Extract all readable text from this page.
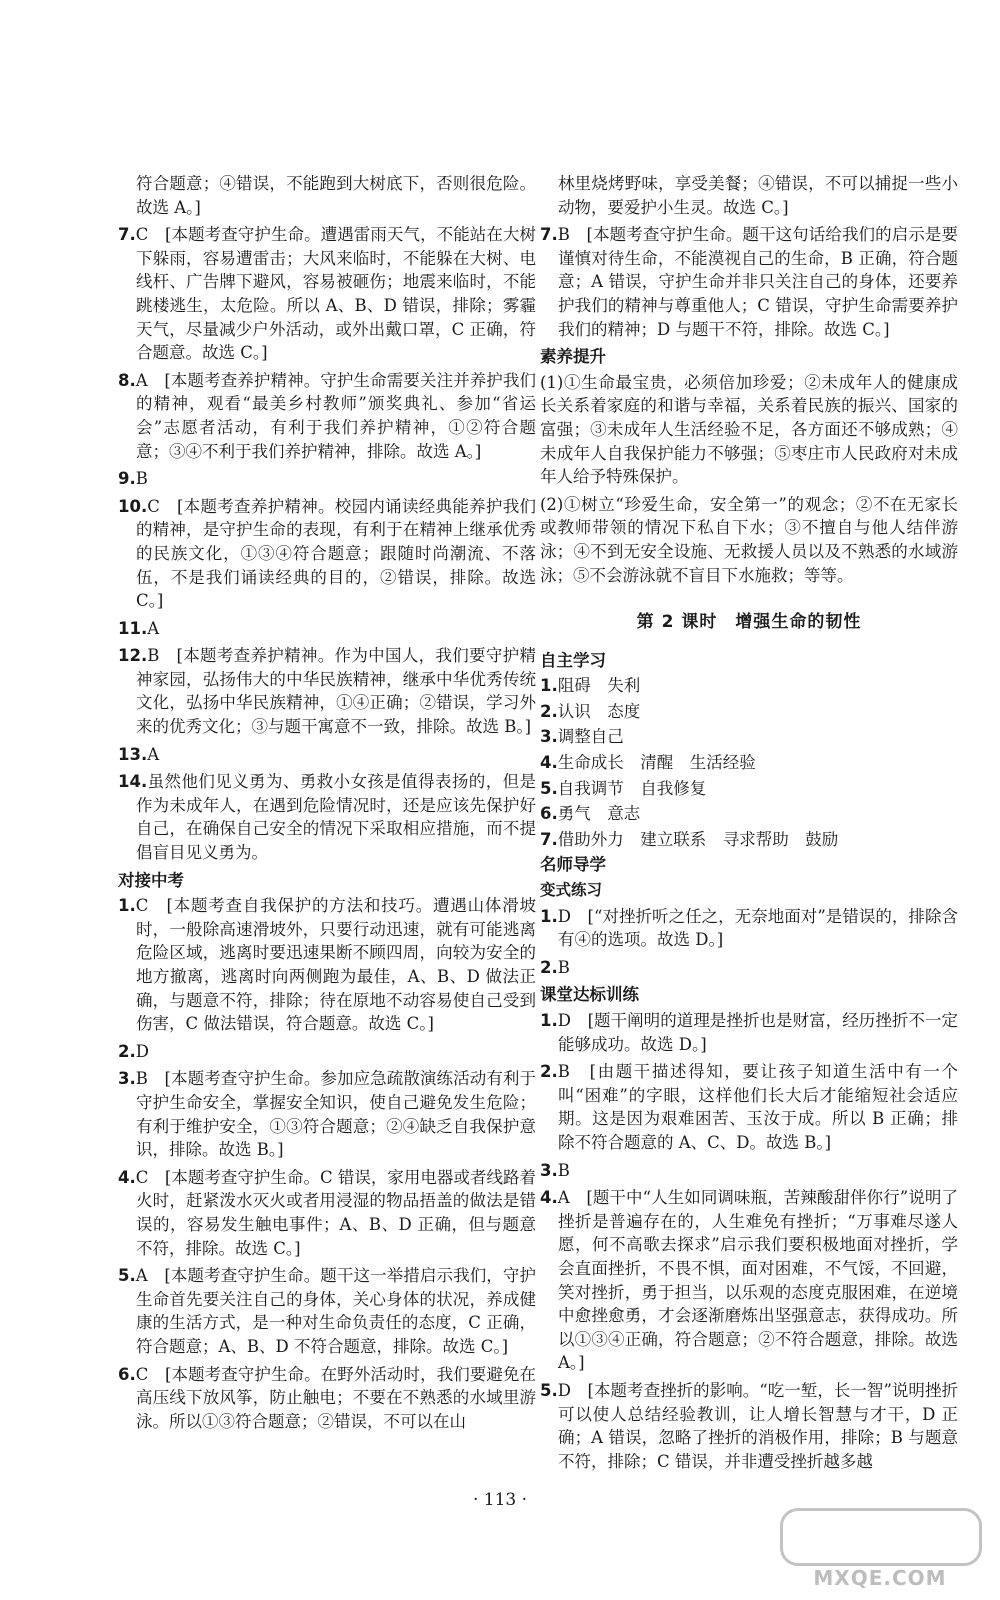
符合题意；④错误，不能跑到大树底下，否则很危险。故选 A。]

7.C　[本题考查守护生命。遭遇雷雨天气，不能站在大树下躲雨，容易遭雷击；大风来临时，不能躲在大树、电线杆、广告牌下避风，容易被砸伤；地震来临时，不能跳楼逃生，太危险。所以 A、B、D 错误，排除；雾霾天气，尽量减少户外活动，或外出戴口罩，C 正确，符合题意。故选 C。]

8.A　[本题考查养护精神。守护生命需要关注并养护我们的精神，观看“最美乡村教师”颁奖典礼、参加“省运会”志愿者活动，有利于我们养护精神，①②符合题意；③④不利于我们养护精神，排除。故选 A。]

9.B

10.C　[本题考查养护精神。校园内诵读经典能养护我们的精神，是守护生命的表现，有利于在精神上继承优秀的民族文化，①③④符合题意；跟随时尚潮流、不落伍，不是我们诵读经典的目的，②错误，排除。故选 C。]

11.A

12.B　[本题考查养护精神。作为中国人，我们要守护精神家园，弘扬伟大的中华民族精神，继承中华优秀传统文化，弘扬中华民族精神，①④正确；②错误，学习外来的优秀文化；③与题干寓意不一致，排除。故选 B。]

13.A

14.虽然他们见义勇为、勇救小女孩是值得表扬的，但是作为未成年人，在遇到危险情况时，还是应该先保护好自己，在确保自己安全的情况下采取相应措施，而不提倡盲目见义勇为。

对接中考

1.C　[本题考查自我保护的方法和技巧。遭遇山体滑坡时，一般除高速滑坡外，只要行动迅速，就有可能逃离危险区域，逃离时要迅速果断不顾四周，向较为安全的地方撤离，逃离时向两侧跑为最佳，A、B、D 做法正确，与题意不符，排除；待在原地不动容易使自己受到伤害，C 做法错误，符合题意。故选 C。]

2.D

3.B　[本题考查守护生命。参加应急疏散演练活动有利于守护生命安全，掌握安全知识，使自己避免发生危险；有利于维护安全，①③符合题意；②④缺乏自我保护意识，排除。故选 B。]

4.C　[本题考查守护生命。C 错误，家用电器或者线路着火时，赶紧泼水灭火或者用浸湿的物品捂盖的做法是错误的，容易发生触电事件；A、B、D 正确，但与题意不符，排除。故选 C。]

5.A　[本题考查守护生命。题干这一举措启示我们，守护生命首先要关注自己的身体，关心身体的状况，养成健康的生活方式，是一种对生命负责任的态度，C 正确，符合题意；A、B、D 不符合题意，排除。故选 C。]

6.C　[本题考查守护生命。在野外活动时，我们要避免在高压线下放风筝，防止触电；不要在不熟悉的水域里游泳。所以①③符合题意；②错误，不可以在山

林里烧烤野味，享受美餐；④错误，不可以捕捉一些小动物，要爱护小生灵。故选 C。]

7.B　[本题考查守护生命。题干这句话给我们的启示是要谨慎对待生命，不能漠视自己的生命，B 正确，符合题意；A 错误，守护生命并非只关注自己的身体，还要养护我们的精神与尊重他人；C 错误，守护生命需要养护我们的精神；D 与题干不符，排除。故选 C。]

素养提升

(1)①生命最宝贵，必须倍加珍爱；②未成年人的健康成长关系着家庭的和谐与幸福，关系着民族的振兴、国家的富强；③未成年人生活经验不足，各方面还不够成熟；④未成年人自我保护能力不够强；⑤枣庄市人民政府对未成年人给予特殊保护。

(2)①树立“珍爱生命，安全第一”的观念；②不在无家长或教师带领的情况下私自下水；③不擅自与他人结伴游泳；④不到无安全设施、无救援人员以及不熟悉的水域游泳；⑤不会游泳就不盲目下水施救；等等。

第 2 课时　增强生命的韧性
自主学习

1.阻碍　失利

2.认识　态度

3.调整自己

4.生命成长　清醒　生活经验

5.自我调节　自我修复

6.勇气　意志

7.借助外力　建立联系　寻求帮助　鼓励

名师导学
变式练习

1.D　[“对挫折听之任之，无奈地面对”是错误的，排除含有④的选项。故选 D。]

2.B

课堂达标训练

1.D　[题干阐明的道理是挫折也是财富，经历挫折不一定能够成功。故选 D。]

2.B　[由题干描述得知，要让孩子知道生活中有一个叫“困难”的字眼，这样他们长大后才能缩短社会适应期。这是因为艰难困苦、玉汝于成。所以 B 正确；排除不符合题意的 A、C、D。故选 B。]

3.B

4.A　[题干中“人生如同调味瓶，苦辣酸甜伴你行”说明了挫折是普遍存在的，人生难免有挫折；“万事难尽遂人愿，何不高歌去探求”启示我们要积极地面对挫折，学会直面挫折，不畏不惧，面对困难，不气馁，不回避，笑对挫折，勇于担当，以乐观的态度克服困难，在逆境中愈挫愈勇，才会逐渐磨炼出坚强意志，获得成功。所以①③④正确，符合题意；②不符合题意，排除。故选 A。]

5.D　[本题考查挫折的影响。“吃一堑，长一智”说明挫折可以使人总结经验教训，让人增长智慧与才干，D 正确；A 错误，忽略了挫折的消极作用，排除；B 与题意不符，排除；C 错误，并非遭受挫折越多越

· 113 ·
MXQE.COM
